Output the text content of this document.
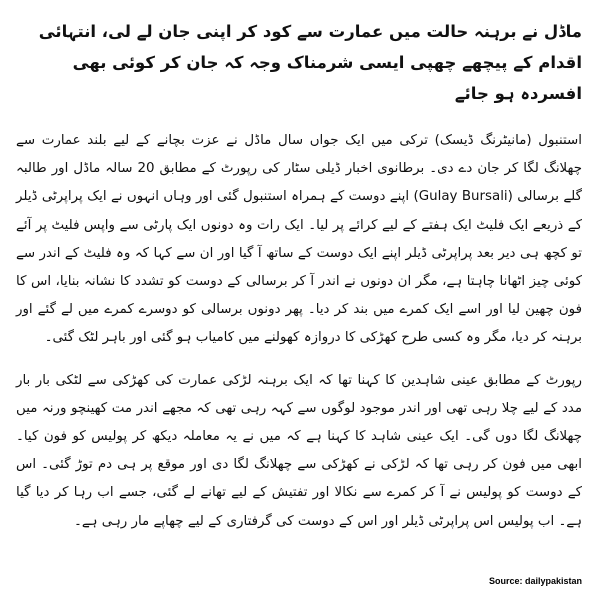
ماڈل نے برہنہ حالت میں عمارت سے کود کر اپنی جان لے لی، انتہائی اقدام کے پیچھے چھپی ایسی شرمناک وجہ کہ جان کر کوئی بھی افسردہ ہو جائے

استنبول (مانیٹرنگ ڈیسک) ترکی میں ایک جواں سال ماڈل نے عزت بچانے کے لیے بلند عمارت سے چھلانگ لگا کر جان دے دی۔ برطانوی اخبار ڈیلی سٹار کی رپورٹ کے مطابق 20 سالہ ماڈل اور طالبہ گلے برسالی (Gulay Bursali) اپنے دوست کے ہمراہ استنبول گئی اور وہاں انہوں نے ایک پراپرٹی ڈیلر کے ذریعے ایک فلیٹ ایک ہفتے کے لیے کرائے پر لیا۔ ایک رات وہ دونوں ایک پارٹی سے واپس فلیٹ پر آئے تو کچھ ہی دیر بعد پراپرٹی ڈیلر اپنے ایک دوست کے ساتھ آ گیا اور ان سے کہا کہ وہ فلیٹ کے اندر سے کوئی چیز اٹھانا چاہتا ہے، مگر ان دونوں نے اندر آ کر برسالی کے دوست کو تشدد کا نشانہ بنایا، اس کا فون چھین لیا اور اسے ایک کمرے میں بند کر دیا۔ پھر دونوں برسالی کو دوسرے کمرے میں لے گئے اور برہنہ کر دیا، مگر وہ کسی طرح کھڑکی کا دروازہ کھولنے میں کامیاب ہو گئی اور باہر لٹک گئی۔

رپورٹ کے مطابق عینی شاہدین کا کہنا تھا کہ ایک برہنہ لڑکی عمارت کی کھڑکی سے لٹکی بار بار مدد کے لیے چلا رہی تھی اور اندر موجود لوگوں سے کہہ رہی تھی کہ مجھے اندر مت کھینچو ورنہ میں چھلانگ لگا دوں گی۔ ایک عینی شاہد کا کہنا ہے کہ میں نے یہ معاملہ دیکھ کر پولیس کو فون کیا۔ ابھی میں فون کر رہی تھا کہ لڑکی نے کھڑکی سے چھلانگ لگا دی اور موقع پر ہی دم توڑ گئی۔ اس کے دوست کو پولیس نے آ کر کمرے سے نکالا اور تفتیش کے لیے تھانے لے گئی، جسے اب رہا کر دیا گیا ہے۔ اب پولیس اس پراپرٹی ڈیلر اور اس کے دوست کی گرفتاری کے لیے چھاپے مار رہی ہے۔

Source: dailypakistan
